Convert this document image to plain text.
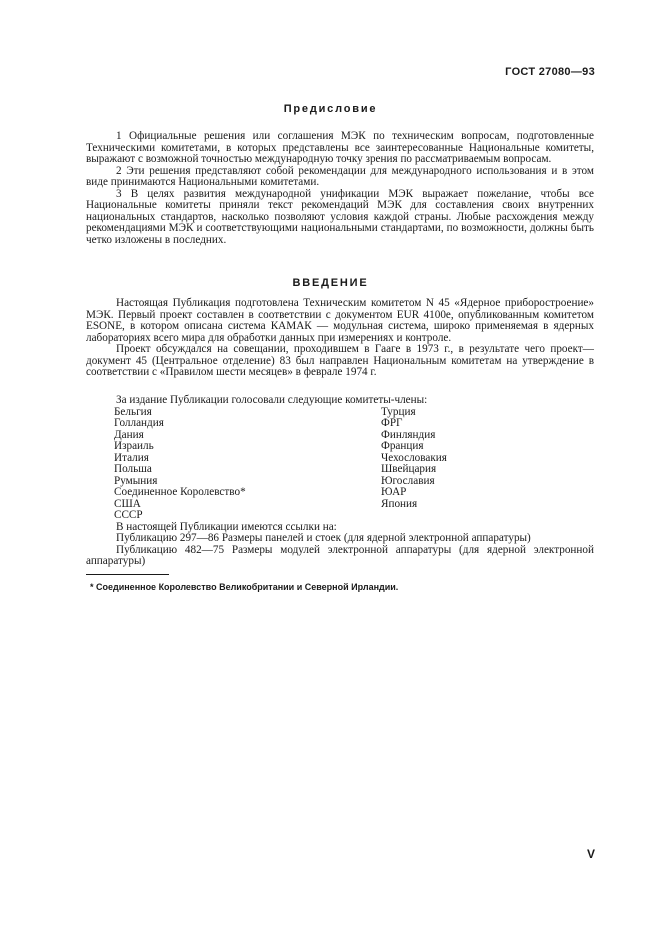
ГОСТ 27080—93
Предисловие

1 Официальные решения или соглашения МЭК по техническим вопросам, подготовленные Техническими комитетами, в которых представлены все заинтересованные Национальные комитеты, выражают с возможной точностью международную точку зрения по рассматриваемым вопросам.

2 Эти решения представляют собой рекомендации для международного использования и в этом виде принимаются Национальными комитетами.

3 В целях развития международной унификации МЭК выражает пожелание, чтобы все Национальные комитеты приняли текст рекомендаций МЭК для составления своих внутренних национальных стандартов, насколько позволяют условия каждой страны. Любые расхождения между рекомендациями МЭК и соответствующими национальными стандартами, по возможности, должны быть четко изложены в последних.

ВВЕДЕНИЕ

Настоящая Публикация подготовлена Техническим комитетом N 45 «Ядерное приборостроение» МЭК. Первый проект составлен в соответствии с документом EUR 4100e, опубликованным комитетом ESONE, в котором описана система КАМАК — модульная система, широко применяемая в ядерных лабораториях всего мира для обработки данных при измерениях и контроле.

Проект обсуждался на совещании, проходившем в Гааге в 1973 г., в результате чего проект—документ 45 (Центральное отделение) 83 был направлен Национальным комитетам на утверждение в соответствии с «Правилом шести месяцев» в феврале 1974 г.

За издание Публикации голосовали следующие комитеты-члены:
Бельгия
Голландия
Дания
Израиль
Италия
Польша
Румыния
Соединенное Королевство*
США
СССР
Турция
ФРГ
Финляндия
Франция
Чехословакия
Швейцария
Югославия
ЮАР
Япония

В настоящей Публикации имеются ссылки на:

Публикацию 297—86 Размеры панелей и стоек (для ядерной электронной аппаратуры)

Публикацию 482—75 Размеры модулей электронной аппаратуры (для ядерной электронной аппаратуры)

* Соединенное Королевство Великобритании и Северной Ирландии.
V
